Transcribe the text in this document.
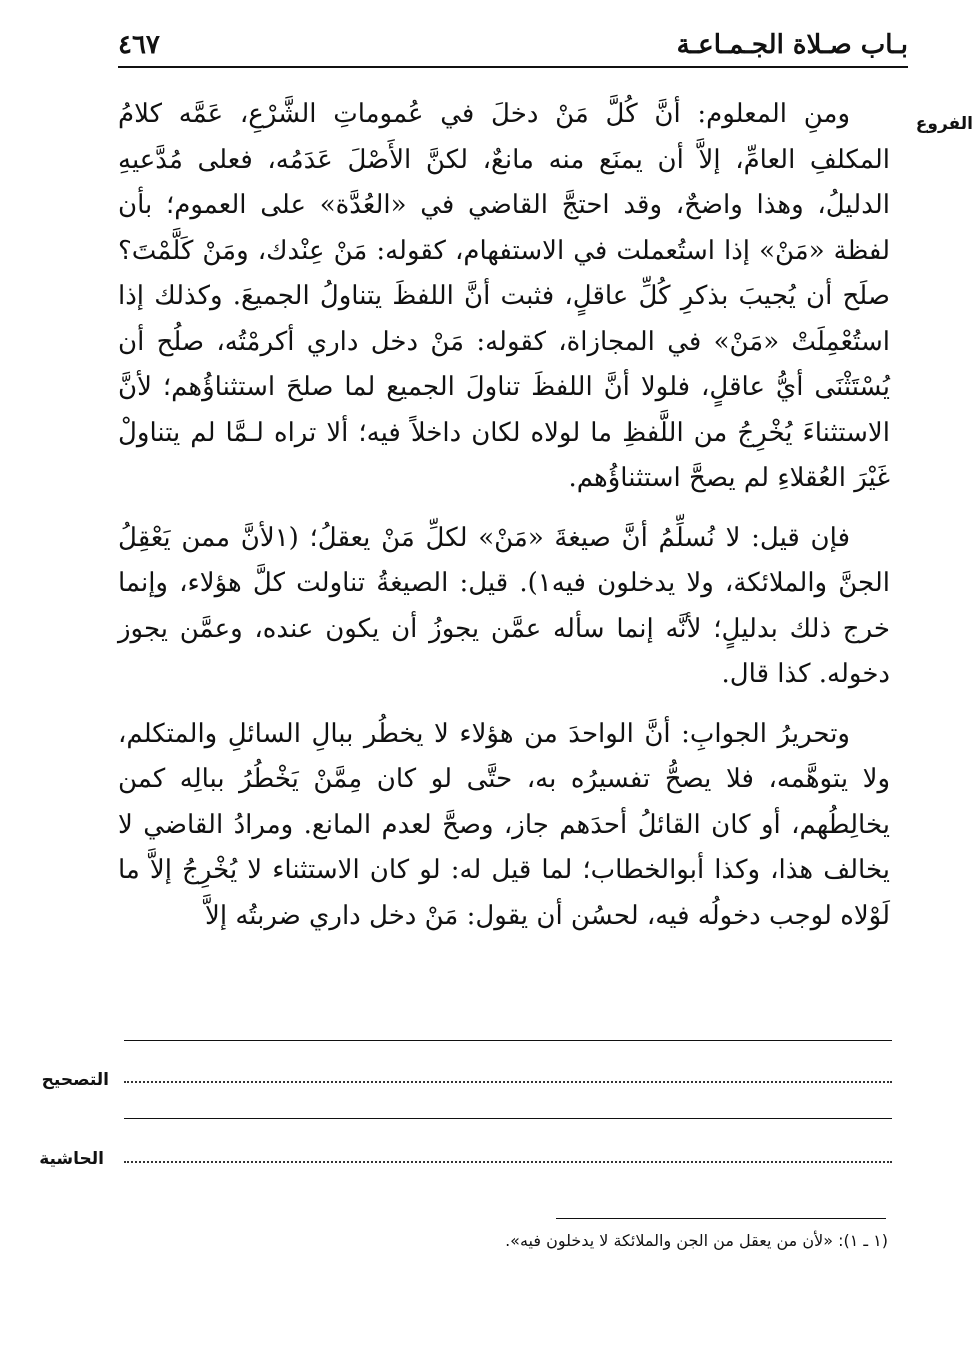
بـاب صـلاة الجـمـاعـة
٤٦٧
الفروع

ومنِ المعلوم: أنَّ كُلَّ مَنْ دخلَ في عُموماتِ الشَّرْعِ، عَمَّه كلامُ المكلفِ العامِّ، إلاَّ أن يمنَع منه مانعٌ، لكنَّ الأَصْلَ عَدَمُه، فعلى مُدَّعيهِ الدليلُ، وهذا واضحٌ، وقد احتجَّ القاضي في «العُدَّة» على العموم؛ بأن لفظة «مَنْ» إذا استُعملت في الاستفهام، كقوله: مَنْ عِنْدك، ومَنْ كَلَّمْتَ؟ صلَح أن يُجيبَ بذكرِ كُلِّ عاقلٍ، فثبت أنَّ اللفظَ يتناولُ الجميعَ. وكذلك إذا استُعْمِلَتْ «مَنْ» في المجازاة، كقوله: مَنْ دخل داري أكرمْتُه، صلُح أن يُسْتَثْنَى أيُّ عاقلٍ، فلولا أنَّ اللفظَ تناولَ الجميع لما صلحَ استثناؤُهم؛ لأنَّ الاستثناءَ يُخْرِجُ من اللَّفظِ ما لولاه لكان داخلاً فيه؛ ألا تراه لـمَّا لم يتناولْ غَيْرَ العُقلاءِ لم يصحَّ استثناؤُهم.

فإن قيل: لا نُسلِّمُ أنَّ صيغةَ «مَنْ» لكلِّ مَنْ يعقلُ؛ (١لأنَّ ممن يَعْقِلُ الجنَّ والملائكة، ولا يدخلون فيه١). قيل: الصيغةُ تناولت كلَّ هؤلاء، وإنما خرج ذلك بدليلٍ؛ لأنَّه إنما سأله عمَّن يجوزُ أن يكون عنده، وعمَّن يجوز دخوله. كذا قال.

وتحريرُ الجوابِ: أنَّ الواحدَ من هؤلاء لا يخطُر ببالِ السائلِ والمتكلم، ولا يتوهَّمه، فلا يصحُّ تفسيرُه به، حتَّى لو كان مِمَّنْ يَخْطُرُ ببالِه كمن يخالِطُهم، أو كان القائلُ أحدَهم جاز، وصحَّ لعدم المانع. ومرادُ القاضي لا يخالف هذا، وكذا أبوالخطاب؛ لما قيل له: لو كان الاستثناء لا يُخْرِجُ إلاَّ ما لَوْلاه لوجب دخولُه فيه، لحسُن أن يقول: مَنْ دخل داري ضربتُه إلاَّ

التصحيح
الحاشية
(١ ـ ١): «لأن من يعقل من الجن والملائكة لا يدخلون فيه».
